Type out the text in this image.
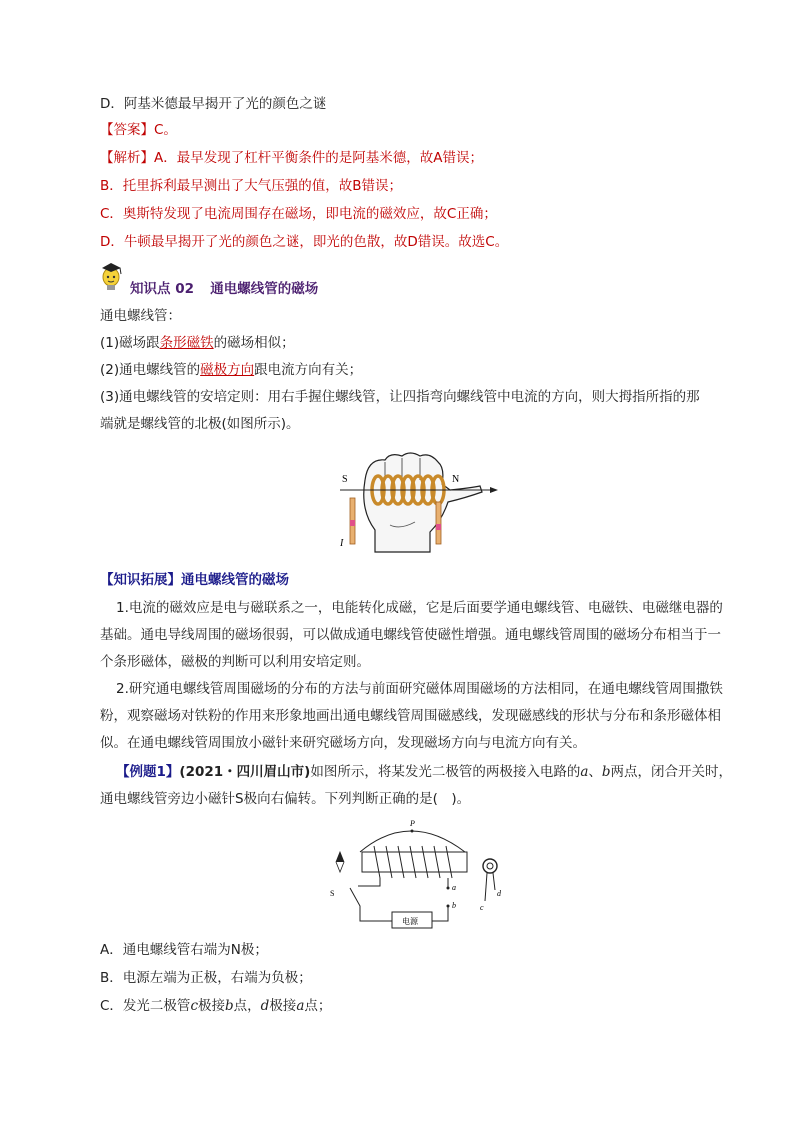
D．阿基米德最早揭开了光的颜色之谜
【答案】C。
【解析】A．最早发现了杠杆平衡条件的是阿基米德，故A错误；
B．托里拆利最早测出了大气压强的值，故B错误；
C．奥斯特发现了电流周围存在磁场，即电流的磁效应，故C正确；
D．牛顿最早揭开了光的颜色之谜，即光的色散，故D错误。故选C。
知识点 02 通电螺线管的磁场
通电螺线管：
(1)磁场跟条形磁铁的磁场相似；
(2)通电螺线管的磁极方向跟电流方向有关；
(3)通电螺线管的安培定则：用右手握住螺线管，让四指弯向螺线管中电流的方向，则大拇指所指的那
端就是螺线管的北极(如图所示)。
S	N
I
【知识拓展】通电螺线管的磁场
1.电流的磁效应是电与磁联系之一，电能转化成磁，它是后面要学通电螺线管、电磁铁、电磁继电器的
基础。通电导线周围的磁场很弱，可以做成通电螺线管使磁性增强。通电螺线管周围的磁场分布相当于一
个条形磁体，磁极的判断可以利用安培定则。
2.研究通电螺线管周围磁场的分布的方法与前面研究磁体周围磁场的方法相同，在通电螺线管周围撒铁
粉，观察磁场对铁粉的作用来形象地画出通电螺线管周围磁感线，发现磁感线的形状与分布和条形磁体相
似。在通电螺线管周围放小磁针来研究磁场方向，发现磁场方向与电流方向有关。
【例题1】(2021・四川眉山市)如图所示，将某发光二极管的两极接入电路的a、b两点，闭合开关时，
通电螺线管旁边小磁针S极向右偏转。下列判断正确的是(　)。
P
S
a
b
电源
c
d
A．通电螺线管右端为N极；
B．电源左端为正极，右端为负极；
C．发光二极管c极接b点，d极接a点；
